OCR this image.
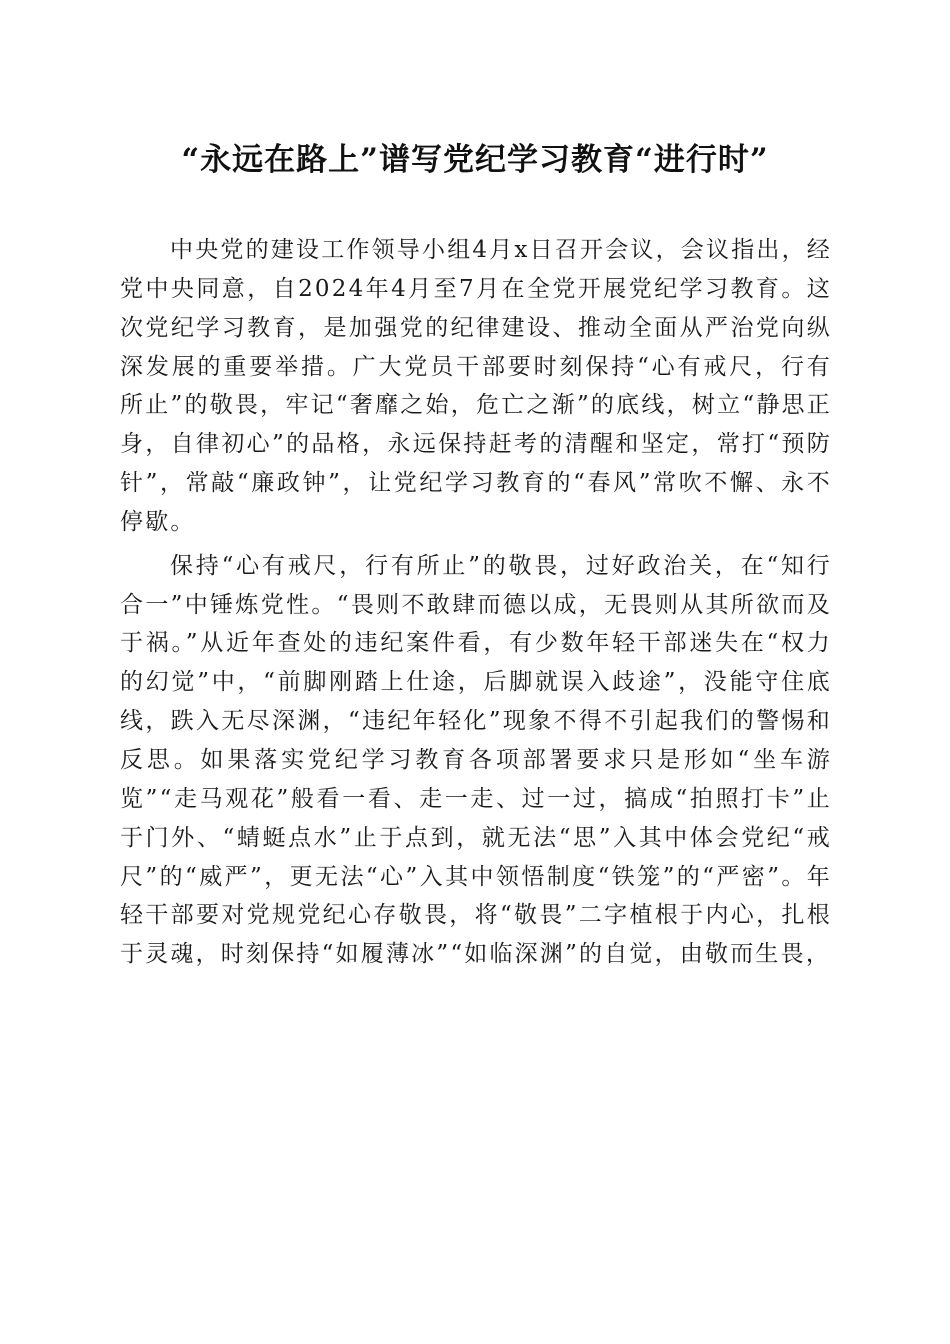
“永远在路上”谱写党纪学习教育“进行时”

中央党的建设工作领导小组4月x日召开会议，会议指出，经党中央同意，自2024年4月至7月在全党开展党纪学习教育。这次党纪学习教育，是加强党的纪律建设、推动全面从严治党向纵深发展的重要举措。广大党员干部要时刻保持“心有戒尺，行有所止”的敬畏，牢记“奢靡之始，危亡之渐”的底线，树立“静思正身，自律初心”的品格，永远保持赶考的清醒和坚定，常打“预防针”，常敲“廉政钟”，让党纪学习教育的“春风”常吹不懈、永不停歇。

保持“心有戒尺，行有所止”的敬畏，过好政治关，在“知行合一”中锤炼党性。“畏则不敢肆而德以成，无畏则从其所欲而及于祸。”从近年查处的违纪案件看，有少数年轻干部迷失在“权力的幻觉”中，“前脚刚踏上仕途，后脚就误入歧途”，没能守住底线，跌入无尽深渊，“违纪年轻化”现象不得不引起我们的警惕和反思。如果落实党纪学习教育各项部署要求只是形如“坐车游览”“走马观花”般看一看、走一走、过一过，搞成“拍照打卡”止于门外、“蜻蜓点水”止于点到，就无法“思”入其中体会党纪“戒尺”的“威严”，更无法“心”入其中领悟制度“铁笼”的“严密”。年轻干部要对党规党纪心存敬畏，将“敬畏”二字植根于内心，扎根于灵魂，时刻保持“如履薄冰”“如临深渊”的自觉，由敬而生畏，
